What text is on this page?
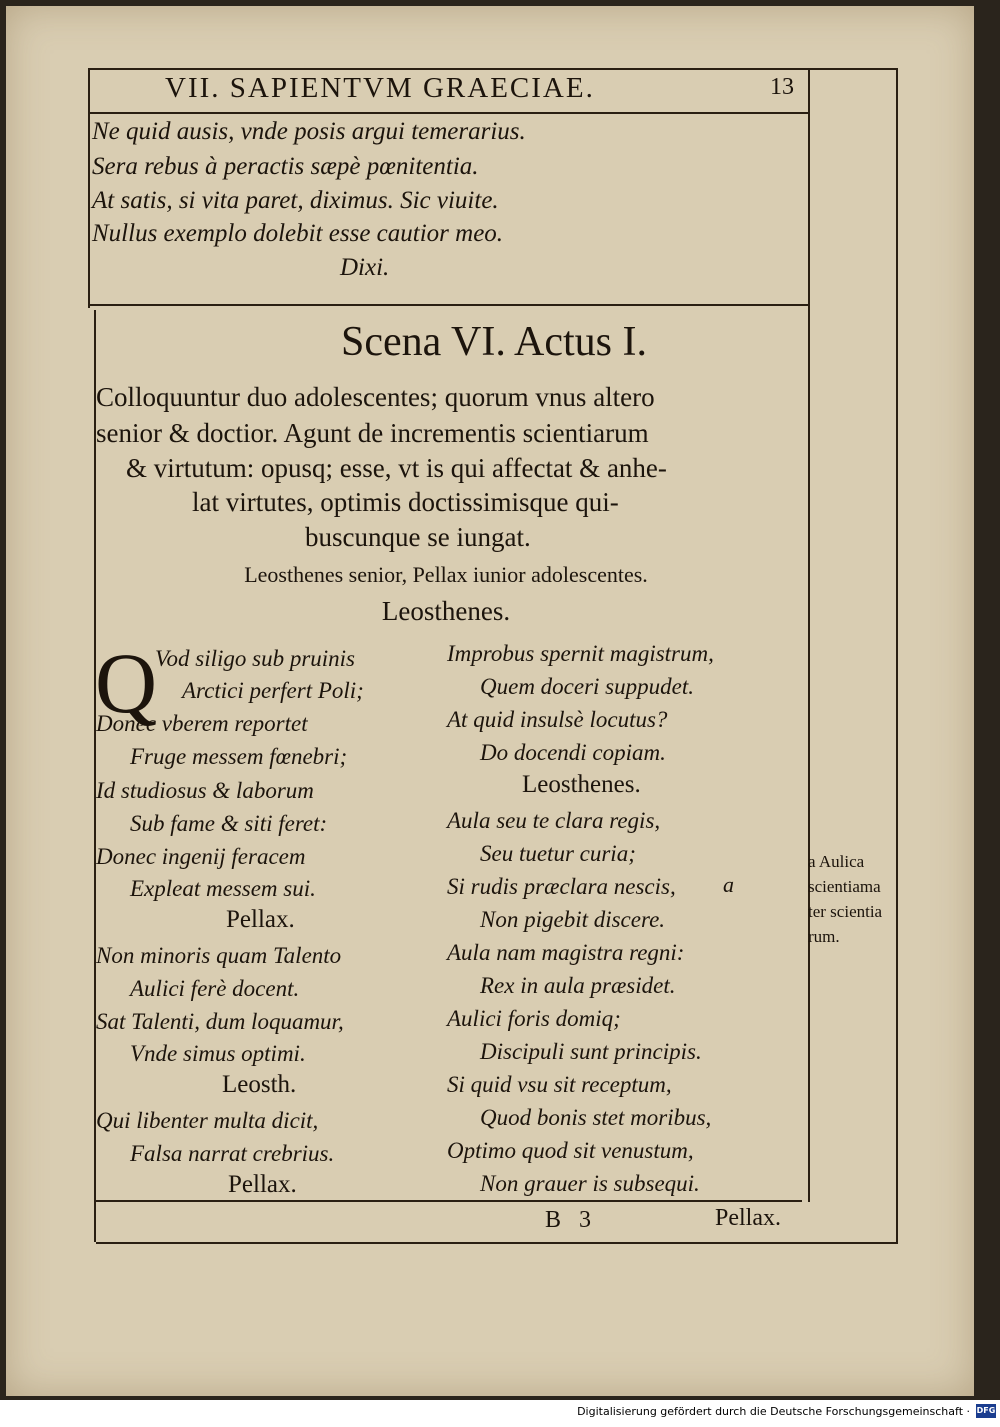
VII. SAPIENTVM GRAECIAE.	13
Ne quid ausis, vnde posis argui temerarius.
Sera rebus à peractis sæpè pœnitentia.
At satis, si vita paret, diximus. Sic viuite.
Nullus exemplo dolebit esse cautior meo.
Dixi.
Scena VI. Actus I.
Colloquuntur duo adolescentes; quorum vnus altero
senior & doctior. Agunt de incrementis scientiarum
& virtutum: opusq; esse, vt is qui affectat & anhe-
lat virtutes, optimis doctissimisque qui-
buscunque se iungat.
Leosthenes senior, Pellax iunior adolescentes.
Leosthenes.
Q
Vod siligo sub pruinis
Arctici perfert Poli;
Donec vberem reportet
Fruge messem fœnebri;
Id studiosus & laborum
Sub fame & siti feret:
Donec ingenij feracem
Expleat messem sui.
Pellax.
Non minoris quam Talento
Aulici ferè docent.
Sat Talenti, dum loquamur,
Vnde simus optimi.
Leosth.
Qui libenter multa dicit,
Falsa narrat crebrius.
Pellax.
Improbus spernit magistrum,
Quem doceri suppudet.
At quid insulsè locutus?
Do docendi copiam.
Leosthenes.
Aula seu te clara regis,
Seu tuetur curia;
Si rudis præclara nescis,
Non pigebit discere.
Aula nam magistra regni:
Rex in aula præsidet.
Aulici foris domiq;
Discipuli sunt principis.
Si quid vsu sit receptum,
Quod bonis stet moribus,
Optimo quod sit venustum,
Non grauer is subsequi.
a
a Aulica
scientiama
ter scientia
rum.
B   3	Pellax.
Digitalisierung gefördert durch die Deutsche Forschungsgemeinschaft · DFG
